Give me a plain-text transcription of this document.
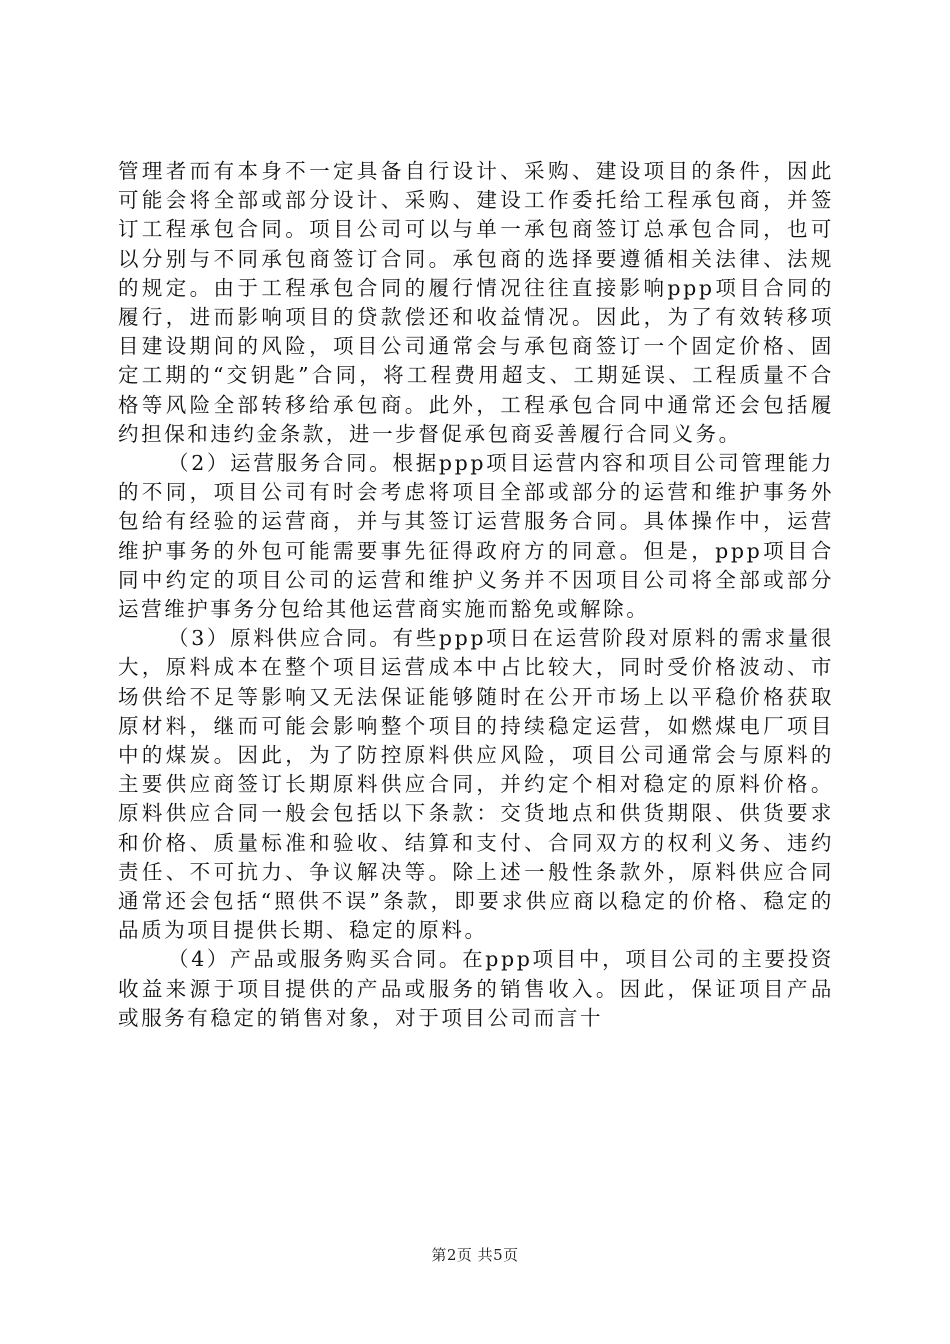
管理者而有本身不一定具备自行设计、采购、建设项目的条件，因此可能会将全部或部分设计、采购、建设工作委托给工程承包商，并签订工程承包合同。项目公司可以与单一承包商签订总承包合同，也可以分别与不同承包商签订合同。承包商的选择要遵循相关法律、法规的规定。由于工程承包合同的履行情况往往直接影响ppp项目合同的履行，进而影响项目的贷款偿还和收益情况。因此，为了有效转移项目建设期间的风险，项目公司通常会与承包商签订一个固定价格、固定工期的“交钥匙”合同，将工程费用超支、工期延误、工程质量不合格等风险全部转移给承包商。此外，工程承包合同中通常还会包括履约担保和违约金条款，进一步督促承包商妥善履行合同义务。

（2）运营服务合同。根据ppp项目运营内容和项目公司管理能力的不同，项目公司有时会考虑将项目全部或部分的运营和维护事务外包给有经验的运营商，并与其签订运营服务合同。具体操作中，运营维护事务的外包可能需要事先征得政府方的同意。但是，ppp项目合同中约定的项目公司的运营和维护义务并不因项目公司将全部或部分运营维护事务分包给其他运营商实施而豁免或解除。

（3）原料供应合同。有些ppp项日在运营阶段对原料的需求量很大，原料成本在整个项目运营成本中占比较大，同时受价格波动、市场供给不足等影响又无法保证能够随时在公开市场上以平稳价格获取原材料，继而可能会影响整个项目的持续稳定运营，如燃煤电厂项目中的煤炭。因此，为了防控原料供应风险，项目公司通常会与原料的主要供应商签订长期原料供应合同，并约定个相对稳定的原料价格。原料供应合同一般会包括以下条款：交货地点和供货期限、供货要求和价格、质量标准和验收、结算和支付、合同双方的权利义务、违约责任、不可抗力、争议解决等。除上述一般性条款外，原料供应合同通常还会包括“照供不误”条款，即要求供应商以稳定的价格、稳定的品质为项目提供长期、稳定的原料。

（4）产品或服务购买合同。在ppp项目中，项目公司的主要投资收益来源于项目提供的产品或服务的销售收入。因此，保证项目产品或服务有稳定的销售对象，对于项目公司而言十

第2页 共5页
